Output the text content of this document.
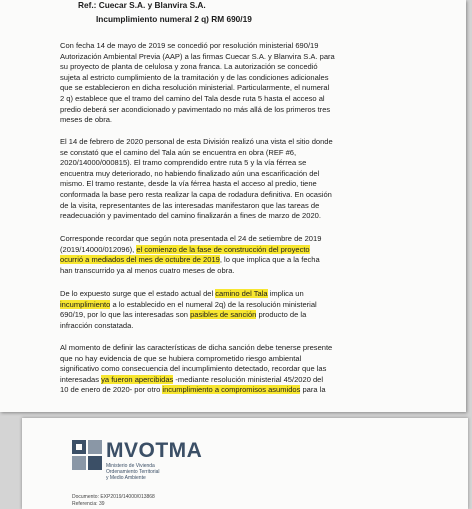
Ref.: Cuecar S.A. y Blanvira S.A.
Incumplimiento numeral 2 q) RM 690/19
Con fecha 14 de mayo de 2019 se concedió por resolución ministerial 690/19
Autorización Ambiental Previa (AAP) a las firmas Cuecar S.A. y Blanvira S.A. para
su proyecto de planta de celulosa y zona franca. La autorización se concedió
sujeta al estricto cumplimiento de la tramitación y de las condiciones adicionales
que se establecieron en dicha resolución ministerial. Particularmente, el numeral
2 q) establece que el tramo del camino del Tala desde ruta 5 hasta el acceso al
predio deberá ser acondicionado y pavimentado no más allá de los primeros tres
meses de obra.
El 14 de febrero de 2020 personal de esta División realizó una vista el sitio donde
se constató que el camino del Tala aún se encuentra en obra (REF #6,
2020/14000/000815). El tramo comprendido entre ruta 5 y la vía férrea se
encuentra muy deteriorado, no habiendo finalizado aún una escarificación del
mismo. El tramo restante, desde la vía férrea hasta el acceso al predio, tiene
conformada la base pero resta realizar la capa de rodadura definitiva. En ocasión
de la visita, representantes de las interesadas manifestaron que las tareas de
readecuación y pavimentado del camino finalizarán a fines de marzo de 2020.
Corresponde recordar que según nota presentada el 24 de setiembre de 2019
(2019/14000/012096), el comienzo de la fase de construcción del proyecto
ocurrió a mediados del mes de octubre de 2019, lo que implica que a la fecha
han transcurrido ya al menos cuatro meses de obra.
De lo expuesto surge que el estado actual del camino del Tala implica un
incumplimiento a lo establecido en el numeral 2q) de la resolución ministerial
690/19, por lo que las interesadas son pasibles de sanción producto de la
infracción constatada.
Al momento de definir las características de dicha sanción debe tenerse presente
que no hay evidencia de que se hubiera comprometido riesgo ambiental
significativo como consecuencia del incumplimiento detectado, recordar que las
interesadas ya fueron apercibidas -mediante resolución ministerial 45/2020 del
10 de enero de 2020- por otro incumplimiento a compromisos asumidos para la
MVOTMA
Ministerio de Vivienda
Ordenamiento Territorial
y Medio Ambiente
Documento: EXP2019/14000/013868
Referencia: 39
